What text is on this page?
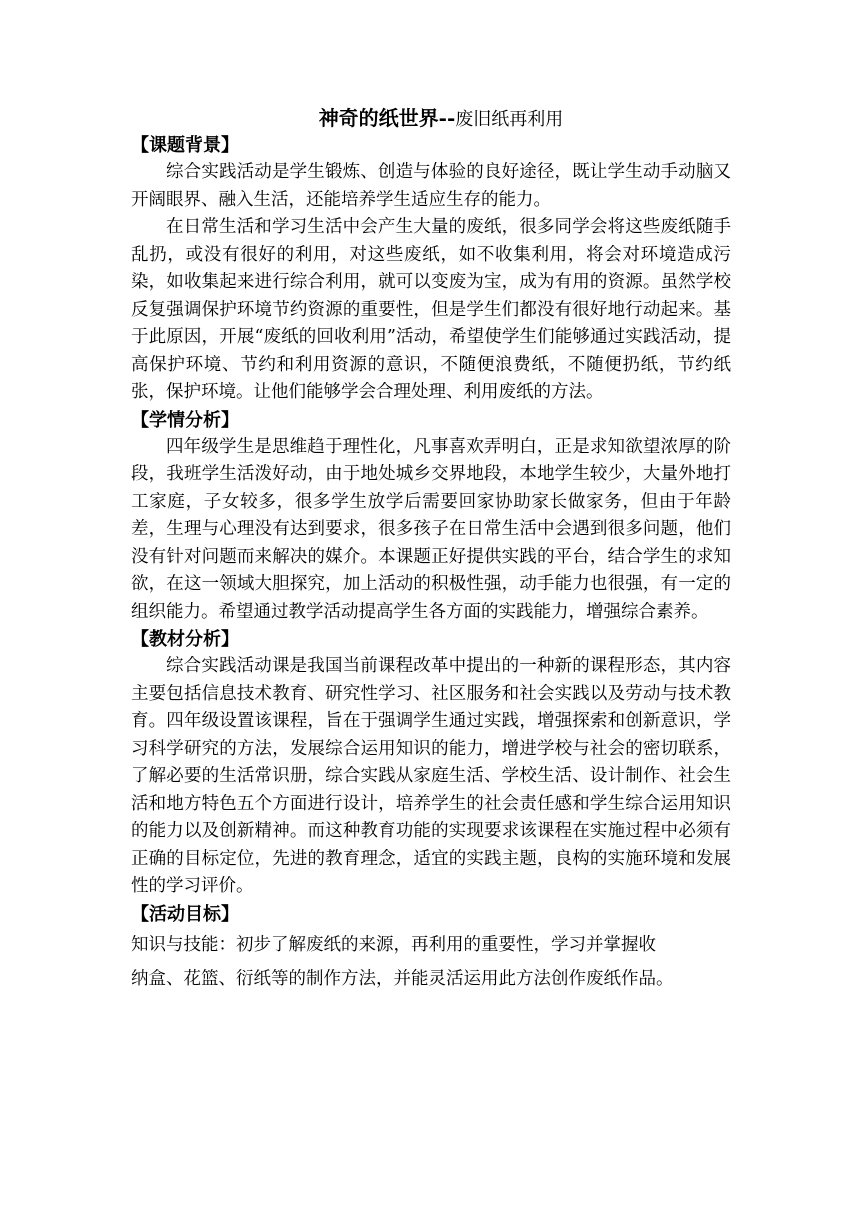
神奇的纸世界--废旧纸再利用

【课题背景】

综合实践活动是学生锻炼、创造与体验的良好途径，既让学生动手动脑又开阔眼界、融入生活，还能培养学生适应生存的能力。

在日常生活和学习生活中会产生大量的废纸，很多同学会将这些废纸随手乱扔，或没有很好的利用，对这些废纸，如不收集利用，将会对环境造成污染，如收集起来进行综合利用，就可以变废为宝，成为有用的资源。虽然学校反复强调保护环境节约资源的重要性，但是学生们都没有很好地行动起来。基于此原因，开展“废纸的回收利用”活动，希望使学生们能够通过实践活动，提高保护环境、节约和利用资源的意识，不随便浪费纸，不随便扔纸，节约纸张，保护环境。让他们能够学会合理处理、利用废纸的方法。

【学情分析】

四年级学生是思维趋于理性化，凡事喜欢弄明白，正是求知欲望浓厚的阶段，我班学生活泼好动，由于地处城乡交界地段，本地学生较少，大量外地打工家庭，子女较多，很多学生放学后需要回家协助家长做家务，但由于年龄差，生理与心理没有达到要求，很多孩子在日常生活中会遇到很多问题，他们没有针对问题而来解决的媒介。本课题正好提供实践的平台，结合学生的求知欲，在这一领域大胆探究，加上活动的积极性强，动手能力也很强，有一定的组织能力。希望通过教学活动提高学生各方面的实践能力，增强综合素养。

【教材分析】

综合实践活动课是我国当前课程改革中提出的一种新的课程形态，其内容主要包括信息技术教育、研究性学习、社区服务和社会实践以及劳动与技术教育。四年级设置该课程，旨在于强调学生通过实践，增强探索和创新意识，学习科学研究的方法，发展综合运用知识的能力，增进学校与社会的密切联系，了解必要的生活常识册，综合实践从家庭生活、学校生活、设计制作、社会生活和地方特色五个方面进行设计，培养学生的社会责任感和学生综合运用知识的能力以及创新精神。而这种教育功能的实现要求该课程在实施过程中必须有正确的目标定位，先进的教育理念，适宜的实践主题，良构的实施环境和发展性的学习评价。

【活动目标】

知识与技能：初步了解废纸的来源，再利用的重要性，学习并掌握收

纳盒、花篮、衍纸等的制作方法，并能灵活运用此方法创作废纸作品。
